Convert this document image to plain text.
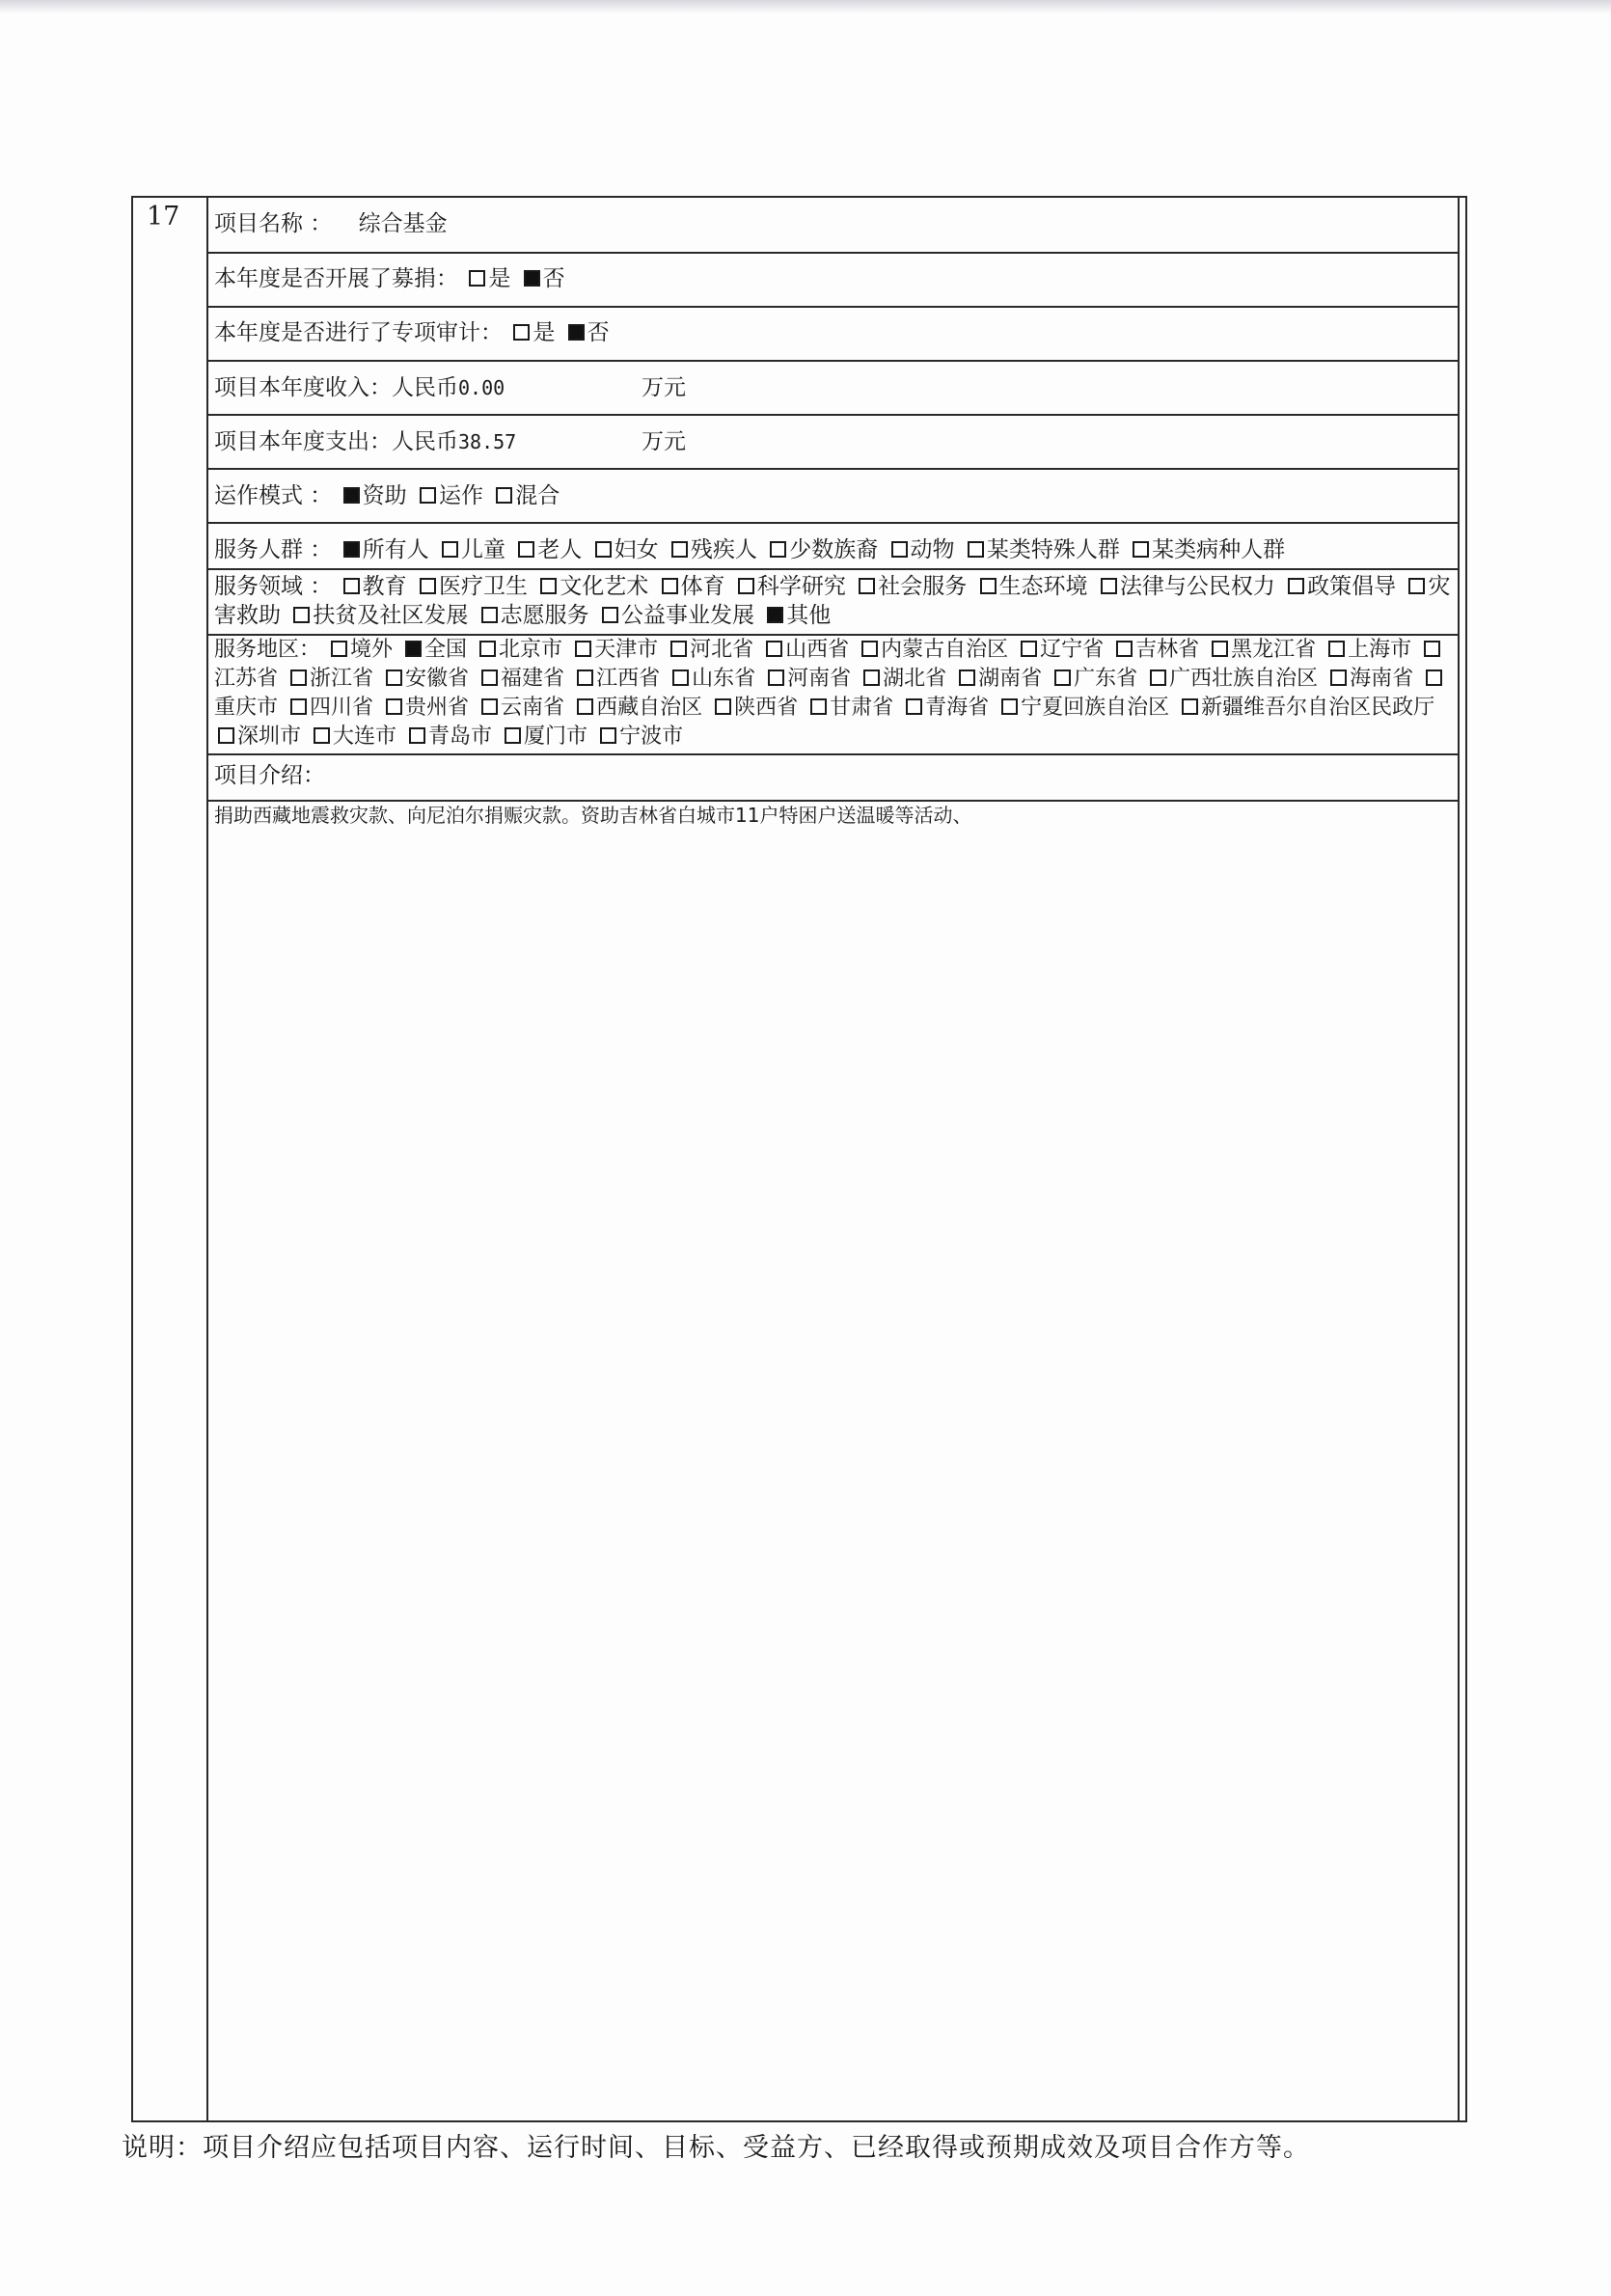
17 项目名称 ： 综合基金
本年度是否开展了募捐： 是 否
本年度是否进行了专项审计： 是 否
项目本年度收入：人民币0.00	万元
项目本年度支出：人民币38.57	万元
运作模式 ： 资助 运作 混合
服务人群 ： 所有人 儿童 老人 妇女 残疾人 少数族裔 动物 某类特殊人群 某类病种人群
服务领域 ： 教育 医疗卫生 文化艺术 体育 科学研究 社会服务 生态环境 法律与公民权力 政策倡导 灾害救助 扶贫及社区发展 志愿服务 公益事业发展 其他
服务地区： 境外 全国 北京市 天津市 河北省 山西省 内蒙古自治区 辽宁省 吉林省 黑龙江省 上海市 江苏省 浙江省 安徽省 福建省 江西省 山东省 河南省 湖北省 湖南省 广东省 广西壮族自治区 海南省 重庆市 四川省 贵州省 云南省 西藏自治区 陕西省 甘肃省 青海省 宁夏回族自治区 新疆维吾尔自治区民政厅 深圳市 大连市 青岛市 厦门市 宁波市
项目介绍：
捐助西藏地震救灾款、向尼泊尔捐赈灾款。资助吉林省白城市11户特困户送温暖等活动、
说明：项目介绍应包括项目内容、运行时间、目标、受益方、已经取得或预期成效及项目合作方等。
